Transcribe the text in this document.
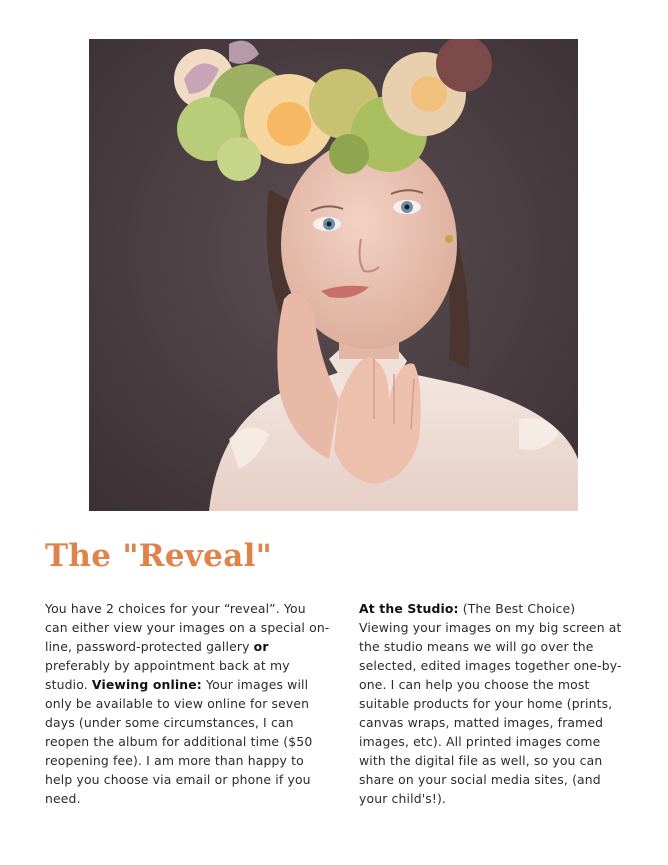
The "Reveal"
You have 2 choices for your “reveal”. You can either view your images on a special on-line, password-protected gallery or preferably by appointment back at my studio. Viewing online: Your images will only be available to view online for seven days (under some circumstances, I can reopen the album for additional time ($50 reopening fee). I am more than happy to help you choose via email or phone if you need.
At the Studio: (The Best Choice) Viewing your images on my big screen at the studio means we will go over the selected, edited images together one-by-one. I can help you choose the most suitable products for your home (prints, canvas wraps, matted images, framed images, etc). All printed images come with the digital file as well, so you can share on your social media sites, (and your child's!).
